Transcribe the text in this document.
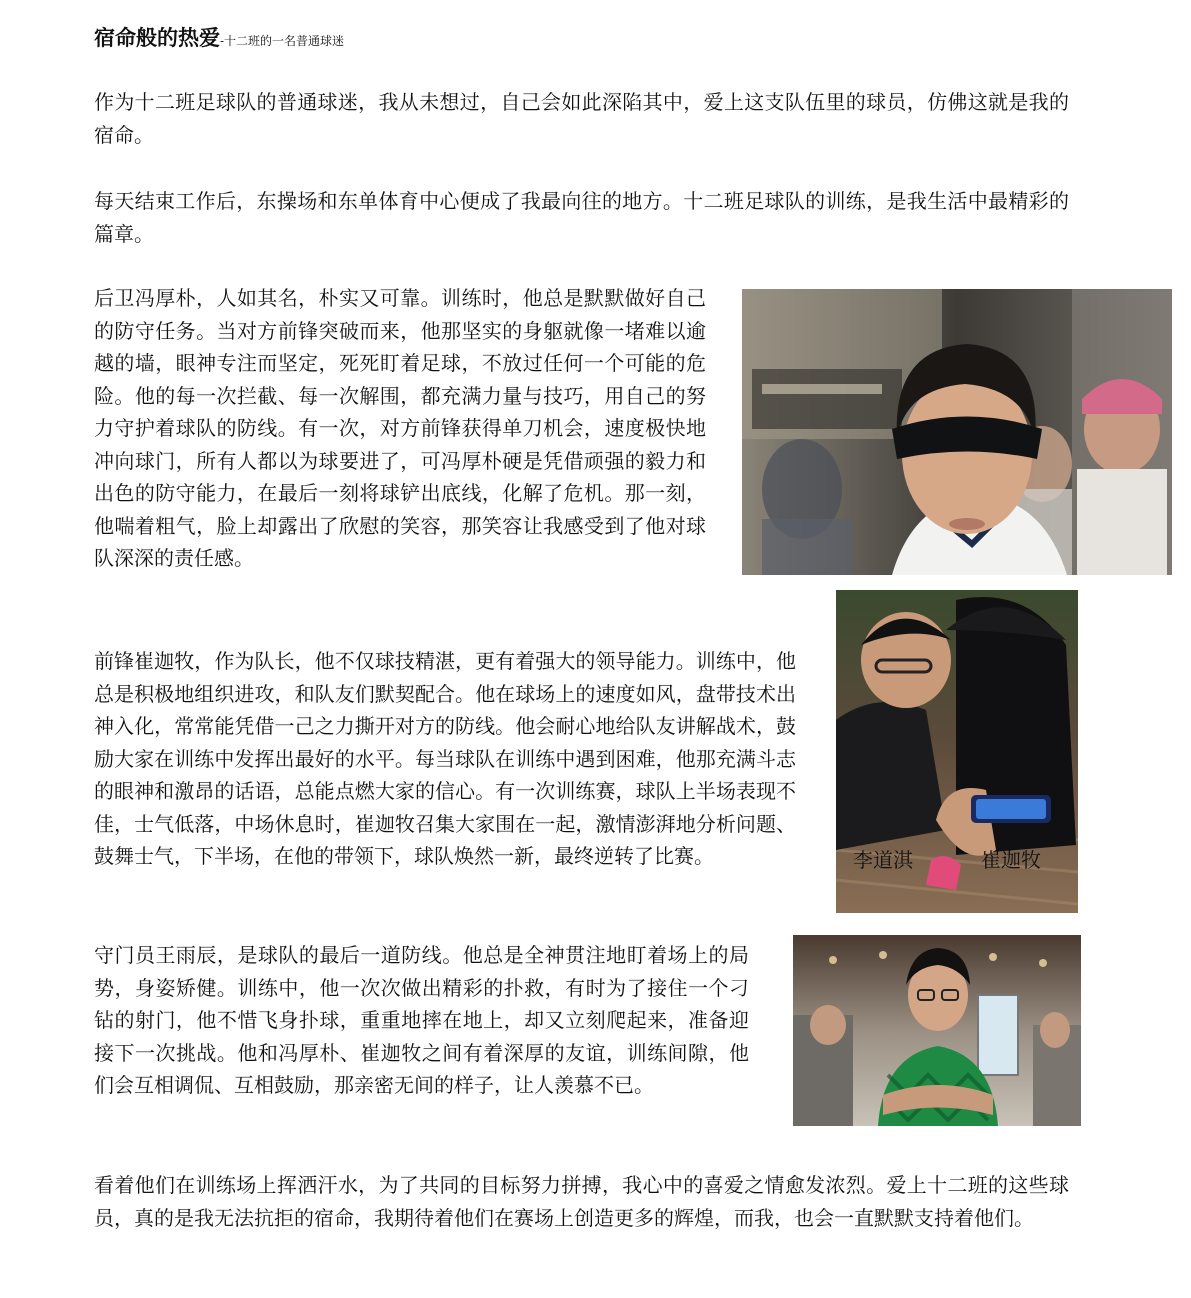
宿命般的热爱-十二班的一名普通球迷

作为十二班足球队的普通球迷，我从未想过，自己会如此深陷其中，爱上这支队伍里的球员，仿佛这就是我的宿命。

每天结束工作后，东操场和东单体育中心便成了我最向往的地方。十二班足球队的训练，是我生活中最精彩的篇章。

后卫冯厚朴，人如其名，朴实又可靠。训练时，他总是默默做好自己的防守任务。当对方前锋突破而来，他那坚实的身躯就像一堵难以逾越的墙，眼神专注而坚定，死死盯着足球，不放过任何一个可能的危险。他的每一次拦截、每一次解围，都充满力量与技巧，用自己的努力守护着球队的防线。有一次，对方前锋获得单刀机会，速度极快地冲向球门，所有人都以为球要进了，可冯厚朴硬是凭借顽强的毅力和出色的防守能力，在最后一刻将球铲出底线，化解了危机。那一刻，他喘着粗气，脸上却露出了欣慰的笑容，那笑容让我感受到了他对球队深深的责任感。

前锋崔迦牧，作为队长，他不仅球技精湛，更有着强大的领导能力。训练中，他总是积极地组织进攻，和队友们默契配合。他在球场上的速度如风，盘带技术出神入化，常常能凭借一己之力撕开对方的防线。他会耐心地给队友讲解战术，鼓励大家在训练中发挥出最好的水平。每当球队在训练中遇到困难，他那充满斗志的眼神和激昂的话语，总能点燃大家的信心。有一次训练赛，球队上半场表现不佳，士气低落，中场休息时，崔迦牧召集大家围在一起，激情澎湃地分析问题、鼓舞士气，下半场，在他的带领下，球队焕然一新，最终逆转了比赛。

守门员王雨辰，是球队的最后一道防线。他总是全神贯注地盯着场上的局势，身姿矫健。训练中，他一次次做出精彩的扑救，有时为了接住一个刁钻的射门，他不惜飞身扑球，重重地摔在地上，却又立刻爬起来，准备迎接下一次挑战。他和冯厚朴、崔迦牧之间有着深厚的友谊，训练间隙，他们会互相调侃、互相鼓励，那亲密无间的样子，让人羡慕不已。

看着他们在训练场上挥洒汗水，为了共同的目标努力拼搏，我心中的喜爱之情愈发浓烈。爱上十二班的这些球员，真的是我无法抗拒的宿命，我期待着他们在赛场上创造更多的辉煌，而我，也会一直默默支持着他们。

李道淇	崔迦牧
